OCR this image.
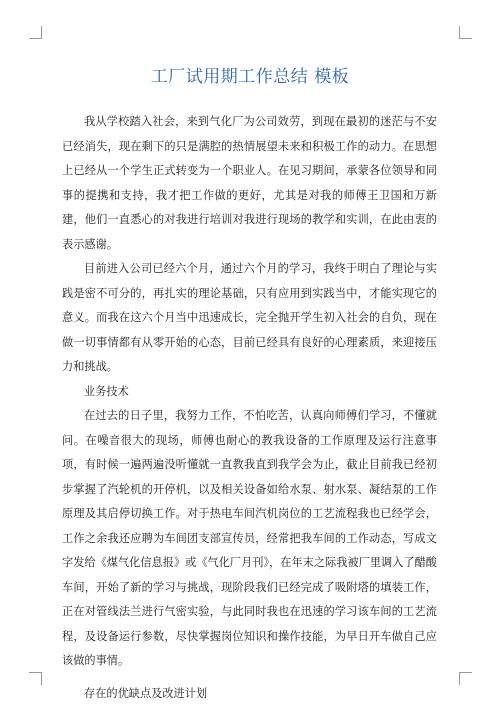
工厂试用期工作总结 模板

我从学校踏入社会，来到气化厂为公司效劳，到现在最初的迷茫与不安已经消失，现在剩下的只是满腔的热情展望未来和积极工作的动力。在思想上已经从一个学生正式转变为一个职业人。在见习期间，承蒙各位领导和同事的提携和支持，我才把工作做的更好，尤其是对我的师傅王卫国和万新建，他们一直悉心的对我进行培训对我进行现场的教学和实训，在此由衷的表示感谢。

目前进入公司已经六个月，通过六个月的学习，我终于明白了理论与实践是密不可分的，再扎实的理论基础，只有应用到实践当中，才能实现它的意义。而我在这六个月当中迅速成长，完全抛开学生初入社会的自负，现在做一切事情都有从零开始的心态，目前已经具有良好的心理素质，来迎接压力和挑战。

业务技术

在过去的日子里，我努力工作，不怕吃苦，认真向师傅们学习，不懂就问。在噪音很大的现场，师傅也耐心的教我设备的工作原理及运行注意事项，有时候一遍两遍没听懂就一直教我直到我学会为止，截止目前我已经初步掌握了汽轮机的开停机，以及相关设备如给水泵、射水泵、凝结泵的工作原理及其启停切换工作。对于热电车间汽机岗位的工艺流程我也已经学会，工作之余我还应聘为车间团支部宣传员，经常把我车间的工作动态，写成文字发给《煤气化信息报》或《气化厂月刊》，在年末之际我被厂里调入了醋酸车间，开始了新的学习与挑战，现阶段我们已经完成了吸附塔的填装工作，正在对管线法兰进行气密实验，与此同时我也在迅速的学习该车间的工艺流程，及设备运行参数，尽快掌握岗位知识和操作技能，为早日开车做自己应该做的事情。

存在的优缺点及改进计划
